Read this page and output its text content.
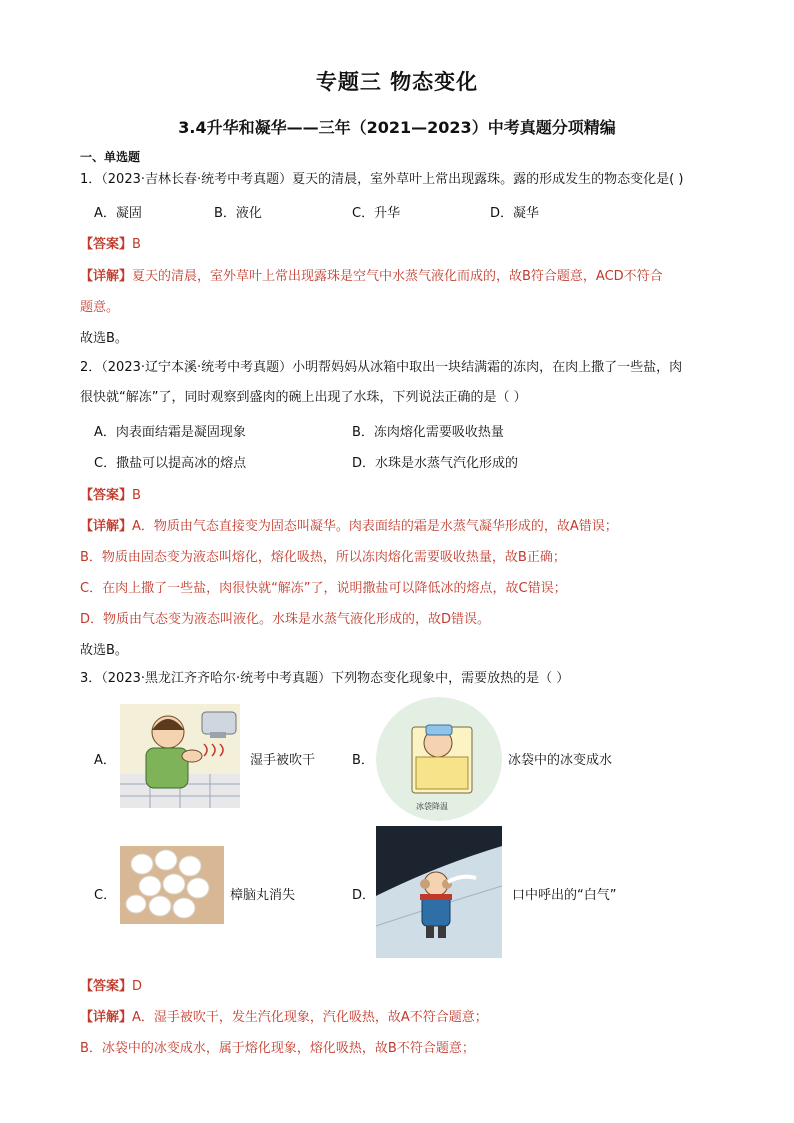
专题三 物态变化
3.4升华和凝华——三年（2021—2023）中考真题分项精编
一、单选题
1．（2023·吉林长春·统考中考真题）夏天的清晨，室外草叶上常出现露珠。露的形成发生的物态变化是( )
A．凝固	B．液化	C．升华	D．凝华
【答案】B
【详解】夏天的清晨，室外草叶上常出现露珠是空气中水蒸气液化而成的，故B符合题意，ACD不符合
题意。
故选B。
2．（2023·辽宁本溪·统考中考真题）小明帮妈妈从冰箱中取出一块结满霜的冻肉，在肉上撒了一些盐，肉
很快就“解冻”了，同时观察到盛肉的碗上出现了水珠，下列说法正确的是（ ）
A．肉表面结霜是凝固现象	B．冻肉熔化需要吸收热量
C．撒盐可以提高冰的熔点	D．水珠是水蒸气汽化形成的
【答案】B
【详解】A．物质由气态直接变为固态叫凝华。肉表面结的霜是水蒸气凝华形成的，故A错误；
B．物质由固态变为液态叫熔化，熔化吸热，所以冻肉熔化需要吸收热量，故B正确；
C．在肉上撒了一些盐，肉很快就“解冻”了，说明撒盐可以降低冰的熔点，故C错误；
D．物质由气态变为液态叫液化。水珠是水蒸气液化形成的，故D错误。
故选B。
3．（2023·黑龙江齐齐哈尔·统考中考真题）下列物态变化现象中，需要放热的是（ ）
A．	湿手被吹干	B．
冰袋降温
冰袋中的冰变成水
C．	樟脑丸消失	D．	口中呼出的“白气”
【答案】D
【详解】A．湿手被吹干，发生汽化现象，汽化吸热，故A不符合题意；
B．冰袋中的冰变成水，属于熔化现象，熔化吸热，故B不符合题意；
